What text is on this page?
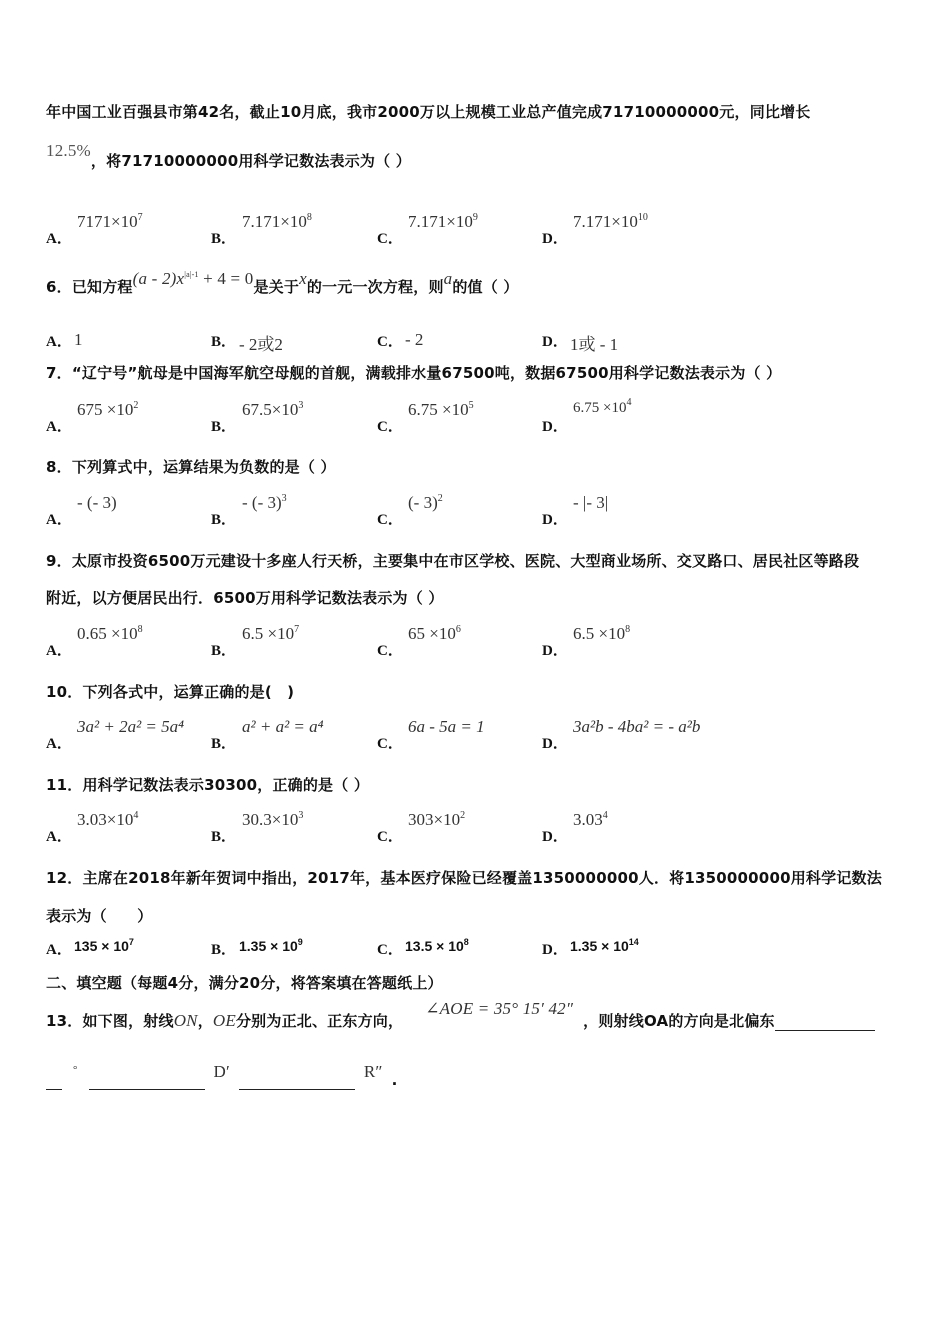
年中国工业百强县市第42名，截止10月底，我市2000万以上规模工业总产值完成71710000000元，同比增长
12.5%，将71710000000用科学记数法表示为（ ）
A．
$7171\times 10^7$
B．
$7.171\times 10^8$
C．
$7.171\times 10^9$
D．
$7.171\times 10^{10}$
6．已知方程$(a - 2)x^{|a|-1} + 4 = 0$是关于x的一元一次方程，则a的值（ ）
A． 1	B． - 2或2	C． - 2	D． 1或 - 1
7．“辽宁号”航母是中国海军航空母舰的首舰，满载排水量67500吨，数据67500用科学记数法表示为（ ）
A．
$675 \times 10^2$
B．
$67.5\times 10^3$
C．
$6.75 \times 10^5$
D．
$6.75 \times 10^4$
8．下列算式中，运算结果为负数的是（ ）
A．
- (- 3)
B．
- (- 3)$^3$
C．
(- 3)$^2$
D．
- |- 3|
9．太原市投资6500万元建设十多座人行天桥，主要集中在市区学校、医院、大型商业场所、交叉路口、居民社区等路段
附近，以方便居民出行．6500万用科学记数法表示为（ ）
A．
$0.65 \times 10^8$
B．
$6.5 \times 10^7$
C．
$65 \times 10^6$
D．
$6.5 \times 10^8$
10．下列各式中，运算正确的是(　)
A．
3a² + 2a² = 5a⁴
B．
a² + a² = a⁴
C．
6a - 5a = 1
D．
3a²b - 4ba² = - a²b
11．用科学记数法表示30300，正确的是（ ）
A．
$3.03\times 10^4$
B．
$30.3\times 10^3$
C．
$303\times 10^2$
D．
3.03$^4$
12．主席在2018年新年贺词中指出，2017年，基本医疗保险已经覆盖1350000000人．将1350000000用科学记数法
表示为（　　）
A． $135 \times 10^7$	B． $1.35 \times 10^9$	C． $13.5 \times 10^8$	D． $1.35 \times 10^{14}$
二、填空题（每题4分，满分20分，将答案填在答题纸上）
13．如下图，射线ON，OE分别为正北、正东方向，∠AOE = 35° 15′ 42″，则射线OA的方向是北偏东
°	D′	R″ .
